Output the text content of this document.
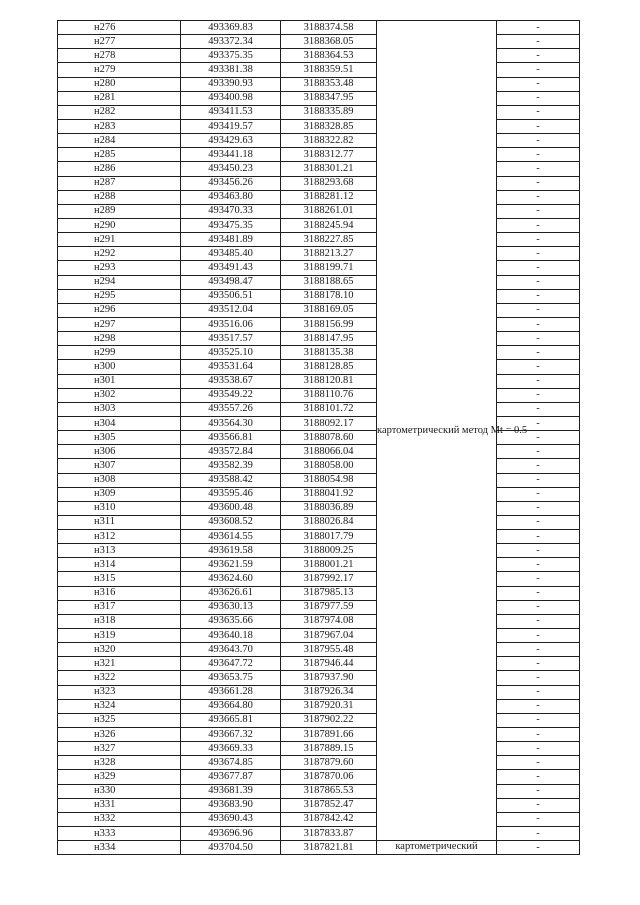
н276	493369.83	3188374.58	картометрический метод Mt = 0.5	-
н277	493372.34	3188368.05		-
н278	493375.35	3188364.53		-
н279	493381.38	3188359.51		-
н280	493390.93	3188353.48		-
н281	493400.98	3188347.95		-
н282	493411.53	3188335.89		-
н283	493419.57	3188328.85		-
н284	493429.63	3188322.82		-
н285	493441.18	3188312.77		-
н286	493450.23	3188301.21		-
н287	493456.26	3188293.68		-
н288	493463.80	3188281.12		-
н289	493470.33	3188261.01		-
н290	493475.35	3188245.94		-
н291	493481.89	3188227.85		-
н292	493485.40	3188213.27		-
н293	493491.43	3188199.71		-
н294	493498.47	3188188.65		-
н295	493506.51	3188178.10		-
н296	493512.04	3188169.05		-
н297	493516.06	3188156.99		-
н298	493517.57	3188147.95		-
н299	493525.10	3188135.38		-
н300	493531.64	3188128.85		-
н301	493538.67	3188120.81		-
н302	493549.22	3188110.76		-
н303	493557.26	3188101.72		-
н304	493564.30	3188092.17		-
н305	493566.81	3188078.60		-
н306	493572.84	3188066.04		-
н307	493582.39	3188058.00		-
н308	493588.42	3188054.98		-
н309	493595.46	3188041.92		-
н310	493600.48	3188036.89		-
н311	493608.52	3188026.84		-
н312	493614.55	3188017.79		-
н313	493619.58	3188009.25		-
н314	493621.59	3188001.21		-
н315	493624.60	3187992.17		-
н316	493626.61	3187985.13		-
н317	493630.13	3187977.59		-
н318	493635.66	3187974.08		-
н319	493640.18	3187967.04		-
н320	493643.70	3187955.48		-
н321	493647.72	3187946.44		-
н322	493653.75	3187937.90		-
н323	493661.28	3187926.34		-
н324	493664.80	3187920.31		-
н325	493665.81	3187902.22		-
н326	493667.32	3187891.66		-
н327	493669.33	3187889.15		-
н328	493674.85	3187879.60		-
н329	493677.87	3187870.06		-
н330	493681.39	3187865.53		-
н331	493683.90	3187852.47		-
н332	493690.43	3187842.42		-
н333	493696.96	3187833.87		-
н334	493704.50	3187821.81	картометрический	-
